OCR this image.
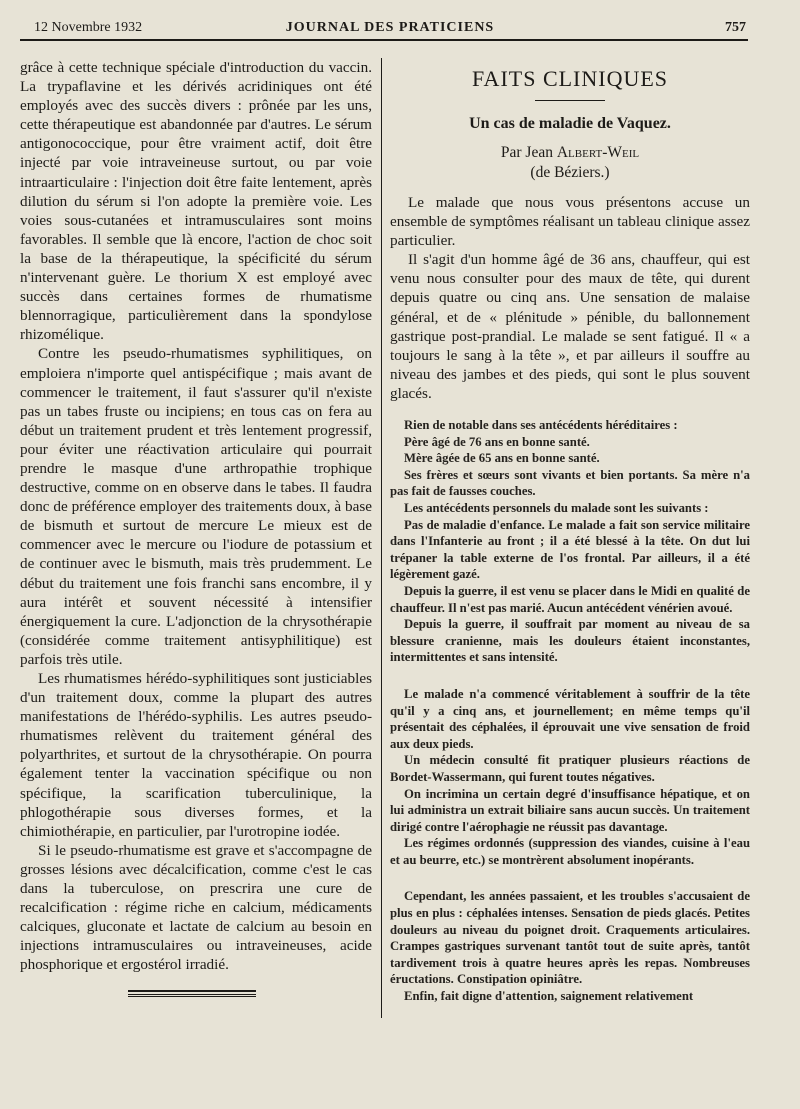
12 Novembre 1932	JOURNAL DES PRATICIENS	757

grâce à cette technique spéciale d'introduction du vaccin. La trypaflavine et les dérivés acridiniques ont été employés avec des succès divers : prônée par les uns, cette thérapeutique est abandonnée par d'autres. Le sérum antigonococcique, pour être vraiment actif, doit être injecté par voie intraveineuse surtout, ou par voie intraarticulaire : l'injection doit être faite lentement, après dilution du sérum si l'on adopte la première voie. Les voies sous-cutanées et intramusculaires sont moins favorables. Il semble que là encore, l'action de choc soit la base de la thérapeutique, la spécificité du sérum n'intervenant guère. Le thorium X est employé avec succès dans certaines formes de rhumatisme blennorragique, particulièrement dans la spondylose rhizomélique.

Contre les pseudo-rhumatismes syphilitiques, on emploiera n'importe quel antispécifique ; mais avant de commencer le traitement, il faut s'assurer qu'il n'existe pas un tabes fruste ou incipiens; en tous cas on fera au début un traitement prudent et très lentement progressif, pour éviter une réactivation articulaire qui pourrait prendre le masque d'une arthropathie trophique destructive, comme on en observe dans le tabes. Il faudra donc de préférence employer des traitements doux, à base de bismuth et surtout de mercure Le mieux est de commencer avec le mercure ou l'iodure de potassium et de continuer avec le bismuth, mais très prudemment. Le début du traitement une fois franchi sans encombre, il y aura intérêt et souvent nécessité à intensifier énergiquement la cure. L'adjonction de la chrysothérapie (considérée comme traitement antisyphilitique) est parfois très utile.

Les rhumatismes hérédo-syphilitiques sont justiciables d'un traitement doux, comme la plupart des autres manifestations de l'hérédo-syphilis. Les autres pseudo-rhumatismes relèvent du traitement général des polyarthrites, et surtout de la chrysothérapie. On pourra également tenter la vaccination spécifique ou non spécifique, la scarification tuberculinique, la phlogothérapie sous diverses formes, et la chimiothérapie, en particulier, par l'urotropine iodée.

Si le pseudo-rhumatisme est grave et s'accompagne de grosses lésions avec décalcification, comme c'est le cas dans la tuberculose, on prescrira une cure de recalcification : régime riche en calcium, médicaments calciques, gluconate et lactate de calcium au besoin en injections intramusculaires ou intraveineuses, acide phosphorique et ergostérol irradié.

FAITS CLINIQUES
Un cas de maladie de Vaquez.
Par Jean Albert-Weil
(de Béziers.)

Le malade que nous vous présentons accuse un ensemble de symptômes réalisant un tableau clinique assez particulier.

Il s'agit d'un homme âgé de 36 ans, chauffeur, qui est venu nous consulter pour des maux de tête, qui durent depuis quatre ou cinq ans. Une sensation de malaise général, et de « plénitude » pénible, du ballonnement gastrique post-prandial. Le malade se sent fatigué. Il « a toujours le sang à la tête », et par ailleurs il souffre au niveau des jambes et des pieds, qui sont le plus souvent glacés.

Rien de notable dans ses antécédents héréditaires :

Père âgé de 76 ans en bonne santé.

Mère âgée de 65 ans en bonne santé.

Ses frères et sœurs sont vivants et bien portants. Sa mère n'a pas fait de fausses couches.

Les antécédents personnels du malade sont les suivants :

Pas de maladie d'enfance. Le malade a fait son service militaire dans l'Infanterie au front ; il a été blessé à la tête. On dut lui trépaner la table externe de l'os frontal. Par ailleurs, il a été légèrement gazé.

Depuis la guerre, il est venu se placer dans le Midi en qualité de chauffeur. Il n'est pas marié. Aucun antécédent vénérien avoué.

Depuis la guerre, il souffrait par moment au niveau de sa blessure cranienne, mais les douleurs étaient inconstantes, intermittentes et sans intensité.

Le malade n'a commencé véritablement à souffrir de la tête qu'il y a cinq ans, et journellement; en même temps qu'il présentait des céphalées, il éprouvait une vive sensation de froid aux deux pieds.

Un médecin consulté fit pratiquer plusieurs réactions de Bordet-Wassermann, qui furent toutes négatives.

On incrimina un certain degré d'insuffisance hépatique, et on lui administra un extrait biliaire sans aucun succès. Un traitement dirigé contre l'aérophagie ne réussit pas davantage.

Les régimes ordonnés (suppression des viandes, cuisine à l'eau et au beurre, etc.) se montrèrent absolument inopérants.

Cependant, les années passaient, et les troubles s'accusaient de plus en plus : céphalées intenses. Sensation de pieds glacés. Petites douleurs au niveau du poignet droit. Craquements articulaires. Crampes gastriques survenant tantôt tout de suite après, tantôt tardivement trois à quatre heures après les repas. Nombreuses éructations. Constipation opiniâtre.

Enfin, fait digne d'attention, saignement relativement
